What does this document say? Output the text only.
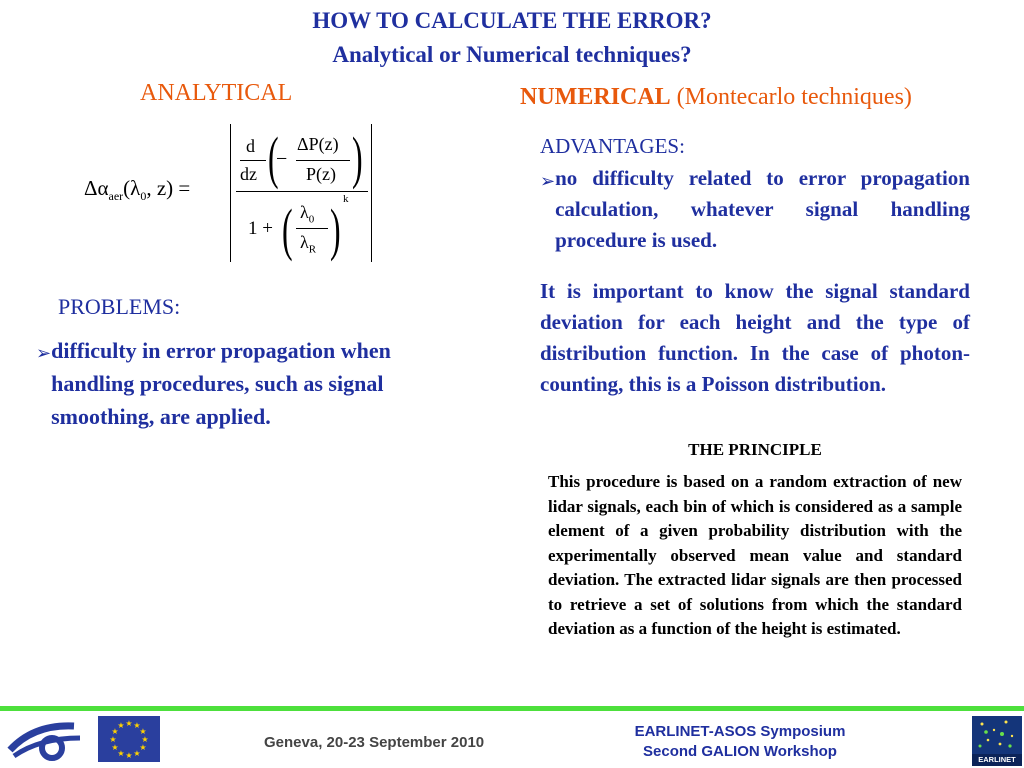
HOW TO CALCULATE THE ERROR?
Analytical or Numerical techniques?
ANALYTICAL	NUMERICAL (Montecarlo techniques)
$\Delta\alpha_{aer}(\lambda_0$, z) =
d
dz (
−
ΔP(z)
P(z) )
1 + ( $\lambda_0$
$\lambda_R$ ) k
PROBLEMS:
➢ difficulty in error propagation when handling procedures, such as signal smoothing, are applied.
ADVANTAGES:
➢ no difficulty related to error propagation calculation, whatever signal handling procedure is used.
It is important to know the signal standard deviation for each height and the type of distribution function. In the case of photon-counting, this is a Poisson distribution.
THE PRINCIPLE
This procedure is based on a random extraction of new lidar signals, each bin of which is considered as a sample element of a given probability distribution with the experimentally observed mean value and standard deviation. The extracted lidar signals are then processed to retrieve a set of solutions from which the standard deviation as a function of the height is estimated.
★ ★
★
★
★
★
★
★
★
★
★
★
Geneva, 20-23 September 2010
EARLINET-ASOS Symposium
Second GALION Workshop	EARLINET
